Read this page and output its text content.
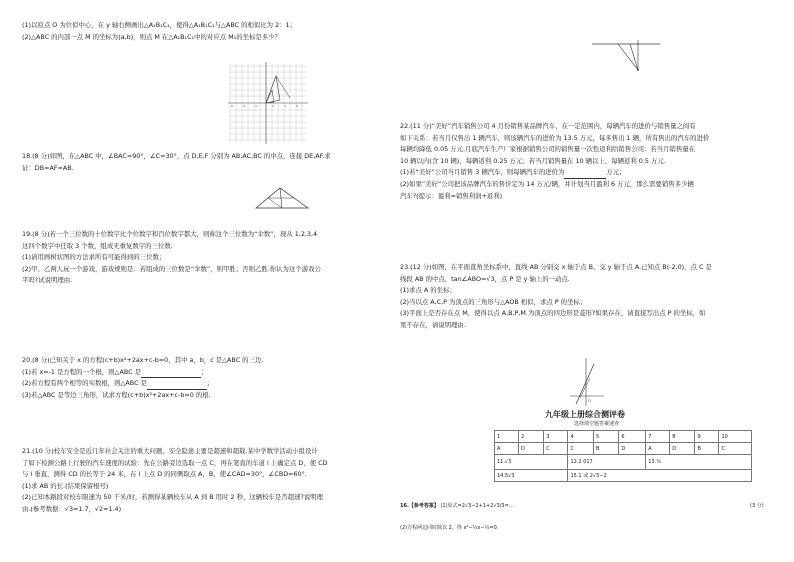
(1)以原点 O 为位似中心，在 y 轴右侧画出△A₁B₁C₁，使得△A₁B₁C₁与△ABC 的相似比为 2：1；
(2)△ABC 的内部一点 M 的坐标为(a,b)，则点 M 在△A₁B₁C₁中的对应点 M₁的坐标是多少？
-6	-4	-2	2	4	6
18.(8 分)如图，在△ABC 中，∠BAC=90°，∠C=30°，点 D,E,F 分别为 AB,AC,BC 的中点，连接 DE,AF.求
证：DB=AF=AB.
19.(8 分)若一个三位数的十位数字比个位数字和百位数字都大，则称这个三位数为“伞数”，现从 1,2,3,4
这四个数字中任取 3 个数，组成无重复数字的三位数.
(1)请用画树状图的方法求所有可能得到的三位数；
(2)甲、乙两人玩一个游戏，游戏规则是：若组成的三位数是“伞数”，则甲胜；否则乙胜.你认为这个游戏公
平吗?试说明理由.
20.(8 分)已知关于 x 的方程(c+b)x²+2ax+c-b=0，其中 a，b，c 是△ABC 的三边.
(1)若 x=-1 是方程的一个根，则△ABC 是	；
(2)若方程有两个相等的实数根，则△ABC 是	；
(3)若△ABC 是等边三角形，试求方程(c+b)x²+2ax+c-b=0 的根.
21.(10 分)校车安全是近几年社会关注的重大问题，安全隐患主要是超速和超载.某中学数学活动小组设计
了如下检测公路上行驶的汽车速度的试验：先在公路旁边选取一点 C，再在笔直的车道 l 上确定点 D，使 CD
与 l 垂直，测得 CD 的长等于 24 米，在 l 上点 D 的同侧取点 A，B，使∠CAD=30°，∠CBD=60°.
(1)求 AB 的长.(结果保留根号)
(2)已知本路段对校车限速为 50 千米/时，若测得某辆校车从 A 到 B 用时 2 秒，这辆校车是否超速?说明理
由.(参考数据：√3≈1.7，√2≈1.4)
22.(11 分)“美好”汽车销售公司 4 月份销售某品牌汽车，在一定范围内，每辆汽车的进价与销售量之间有
如下关系：若当月仅售出 1 辆汽车，则该辆汽车的进价为 13.5 万元，每多售出 1 辆，所有售出的汽车的进价
每辆均降低 0.05 万元.月底汽车生产厂家根据销售公司的销售量一次性返利给销售公司：若当月销售量在
10 辆以内(含 10 辆)，每辆返利 0.25 万元；若当月销售量在 10 辆以上，每辆返利 0.5 万元.
(1)若“美好”公司当月销售 3 辆汽车，则每辆汽车的进价为	万元；
(2)如果“美好”公司把该品牌汽车的售价定为 14 万元/辆，并计划当月盈利 6 万元，那么需要销售多少辆
汽车?(提示：盈利=销售利润+返利)
23.(12 分)如图，在平面直角坐标系中，直线 AB 分别交 x 轴于点 B、交 y 轴于点 A.已知点 B(-2,0)，点 C 是
线段 AB 的中点，tan∠ABO=√3，点 P 是 y 轴上的一动点.
(1)求点 A 的坐标；
(2)当以点 A,C,P 为顶点的三角形与△AOB 相似，求点 P 的坐标；
(3)平面上是否存在点 M，使得以点 A,B,P,M 为顶点的四边形是菱形?如果存在，请直接写出点 P 的坐标，如
果不存在，请说明理由.
O
九年级上册综合测评卷
选择填空题答案速查
1	2	3	4	5	6	7	8	9	10
A	D	C	C	B	D	A	D	B	C
11.√3			12.2 017			13.¹⁄₆			
14.5√3			15.1 或 2√3−2						
16.【参考答案】 (1)原式=2√3−2+1+2√3/3=…	(3 分)
(2)方程两边同时除以 2，得 x²−½x−½=0.
